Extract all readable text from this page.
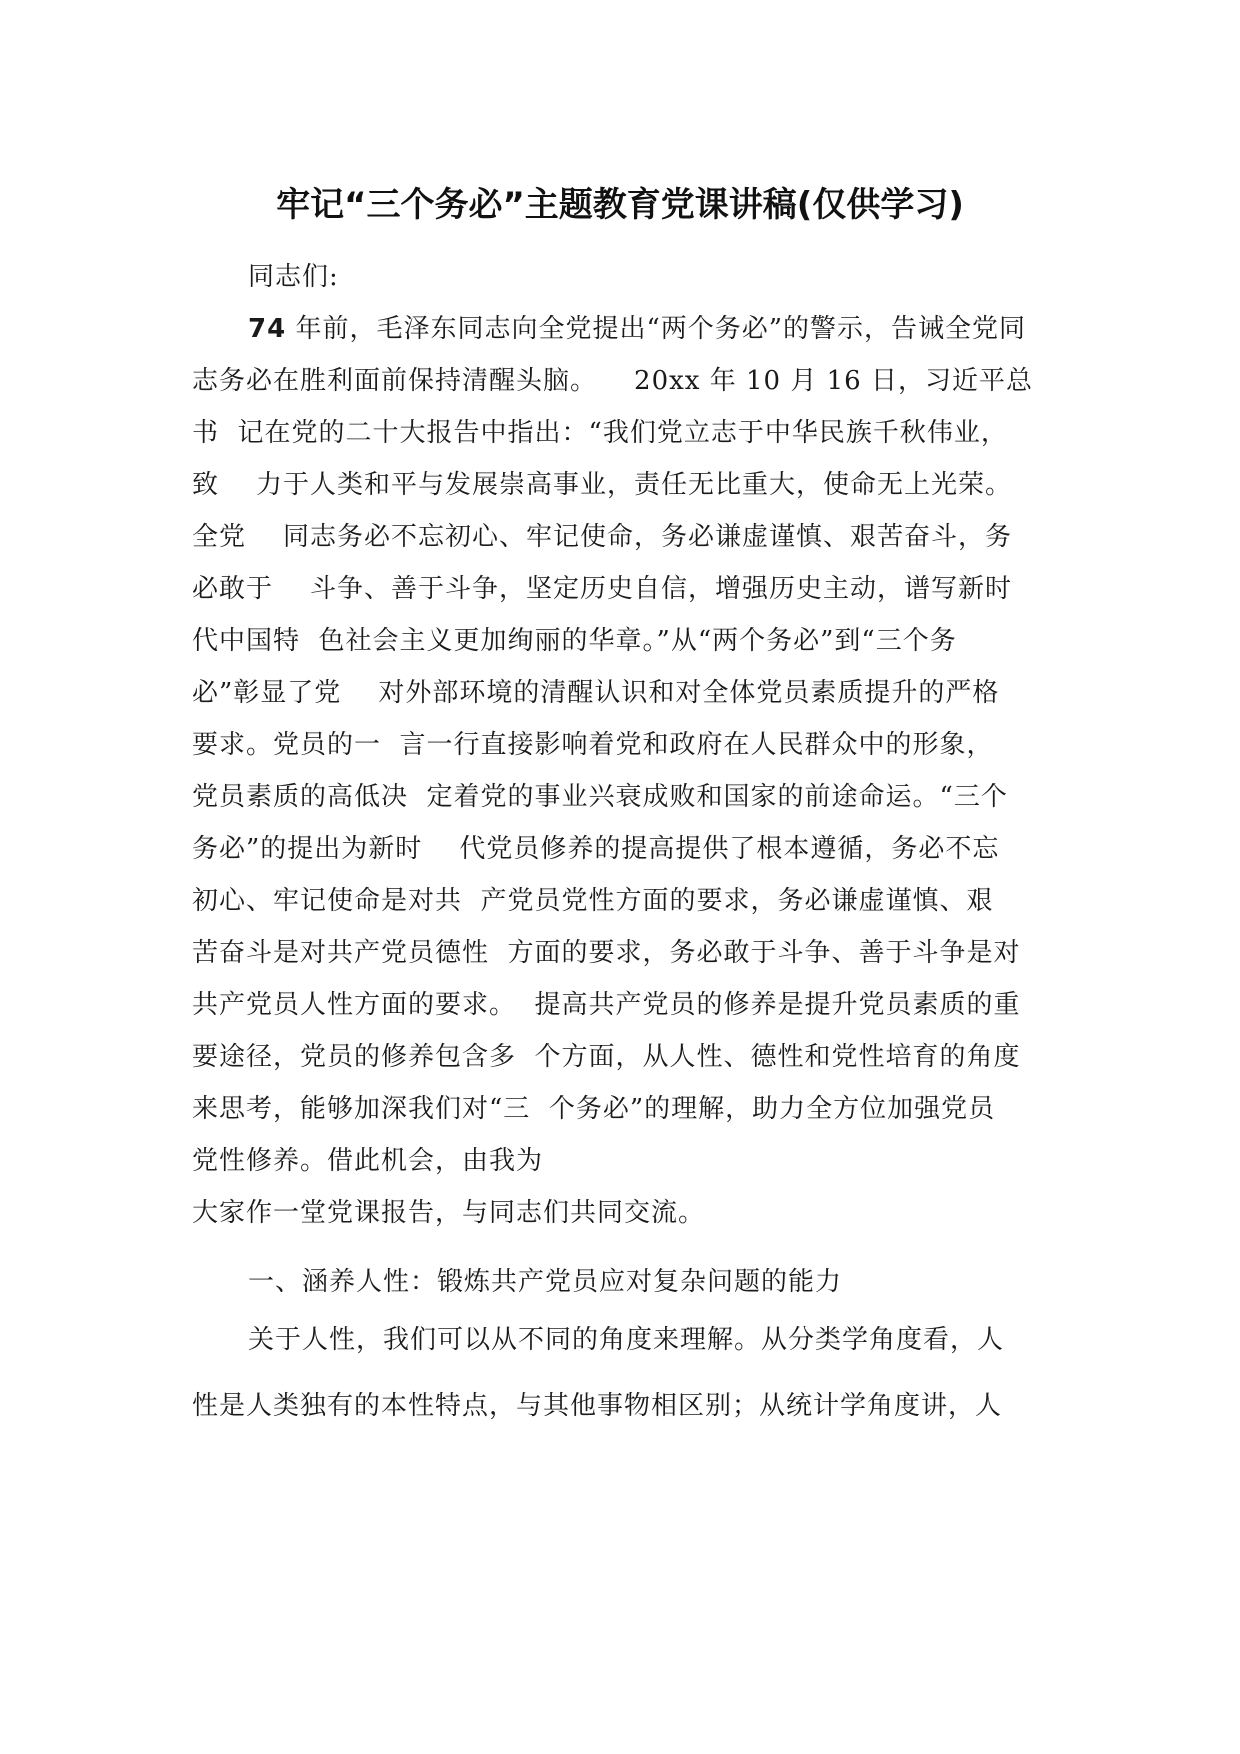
牢记“三个务必”主题教育党课讲稿(仅供学习)
同志们:
74 年前，毛泽东同志向全党提出“两个务必”的警示，告诫全党同
志务必在胜利面前保持清醒头脑。    20xx 年 10 月 16 日，习近平总
书  记在党的二十大报告中指出：“我们党立志于中华民族千秋伟业，
致    力于人类和平与发展崇高事业，责任无比重大，使命无上光荣。
全党    同志务必不忘初心、牢记使命，务必谦虚谨慎、艰苦奋斗，务
必敢于    斗争、善于斗争，坚定历史自信，增强历史主动，谱写新时
代中国特  色社会主义更加绚丽的华章。”从“两个务必”到“三个务
必”彰显了党    对外部环境的清醒认识和对全体党员素质提升的严格
要求。党员的一  言一行直接影响着党和政府在人民群众中的形象，
党员素质的高低决  定着党的事业兴衰成败和国家的前途命运。“三个
务必”的提出为新时    代党员修养的提高提供了根本遵循，务必不忘
初心、牢记使命是对共  产党员党性方面的要求，务必谦虚谨慎、艰
苦奋斗是对共产党员德性  方面的要求，务必敢于斗争、善于斗争是对
共产党员人性方面的要求。  提高共产党员的修养是提升党员素质的重
要途径，党员的修养包含多  个方面，从人性、德性和党性培育的角度
来思考，能够加深我们对“三  个务必”的理解，助力全方位加强党员
党性修养。借此机会，由我为
大家作一堂党课报告，与同志们共同交流。
一、涵养人性：锻炼共产党员应对复杂问题的能力
关于人性，我们可以从不同的角度来理解。从分类学角度看，人
性是人类独有的本性特点，与其他事物相区别；从统计学角度讲，人
